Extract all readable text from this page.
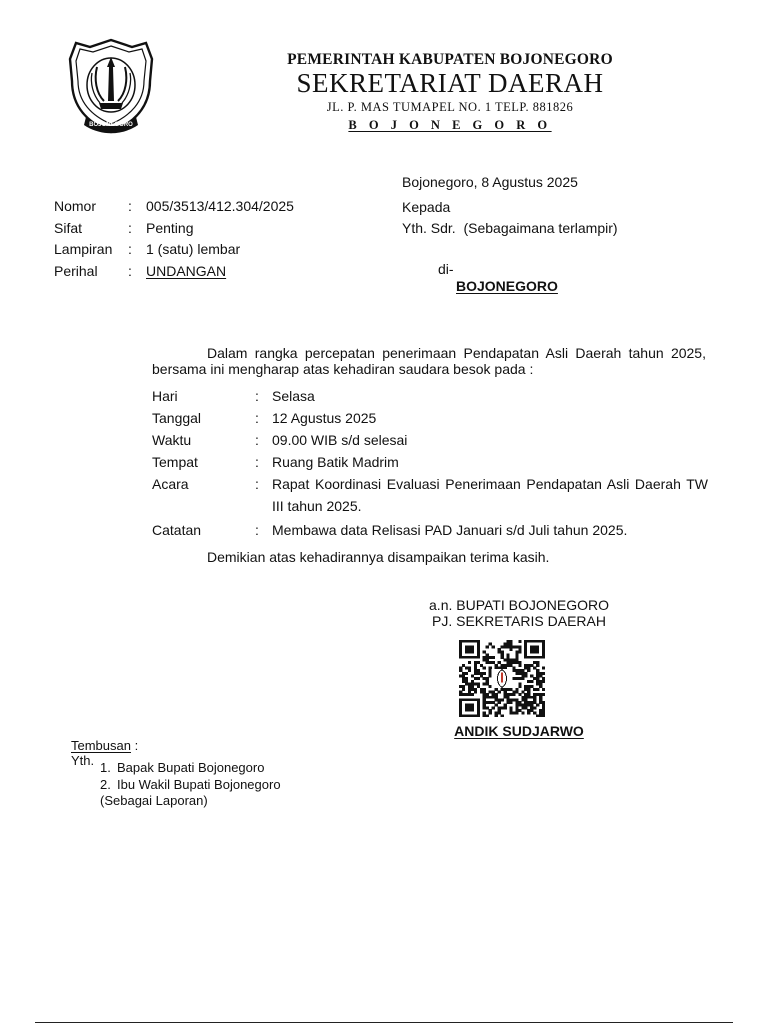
BOJONEGORO
PEMERINTAH KABUPATEN BOJONEGORO
SEKRETARIAT DAERAH
JL. P. MAS TUMAPEL NO. 1 TELP. 881826
B O J O N E G O R O
Bojonegoro, 8 Agustus 2025
Kepada
Yth. Sdr. (Sebagaimana terlampir)
di-
BOJONEGORO
Nomor	:	005/3513/412.304/2025
Sifat	:	Penting
Lampiran	:	1 (satu) lembar
Perihal	:	UNDANGAN
Dalam rangka percepatan penerimaan Pendapatan Asli Daerah tahun 2025, bersama ini mengharap atas kehadiran saudara besok pada :
Hari	:	Selasa
Tanggal	:	12 Agustus 2025
Waktu	:	09.00 WIB s/d selesai
Tempat	:	Ruang Batik Madrim
Acara	:	Rapat Koordinasi Evaluasi Penerimaan Pendapatan Asli Daerah TW III tahun 2025.
Catatan	:	Membawa data Relisasi PAD Januari s/d Juli tahun 2025.
Demikian atas kehadirannya disampaikan terima kasih.
a.n. BUPATI BOJONEGORO
PJ. SEKRETARIS DAERAH
ANDIK SUDJARWO
Tembusan :
Yth. 1. Bapak Bupati Bojonegoro
2. Ibu Wakil Bupati Bojonegoro
(Sebagai Laporan)
